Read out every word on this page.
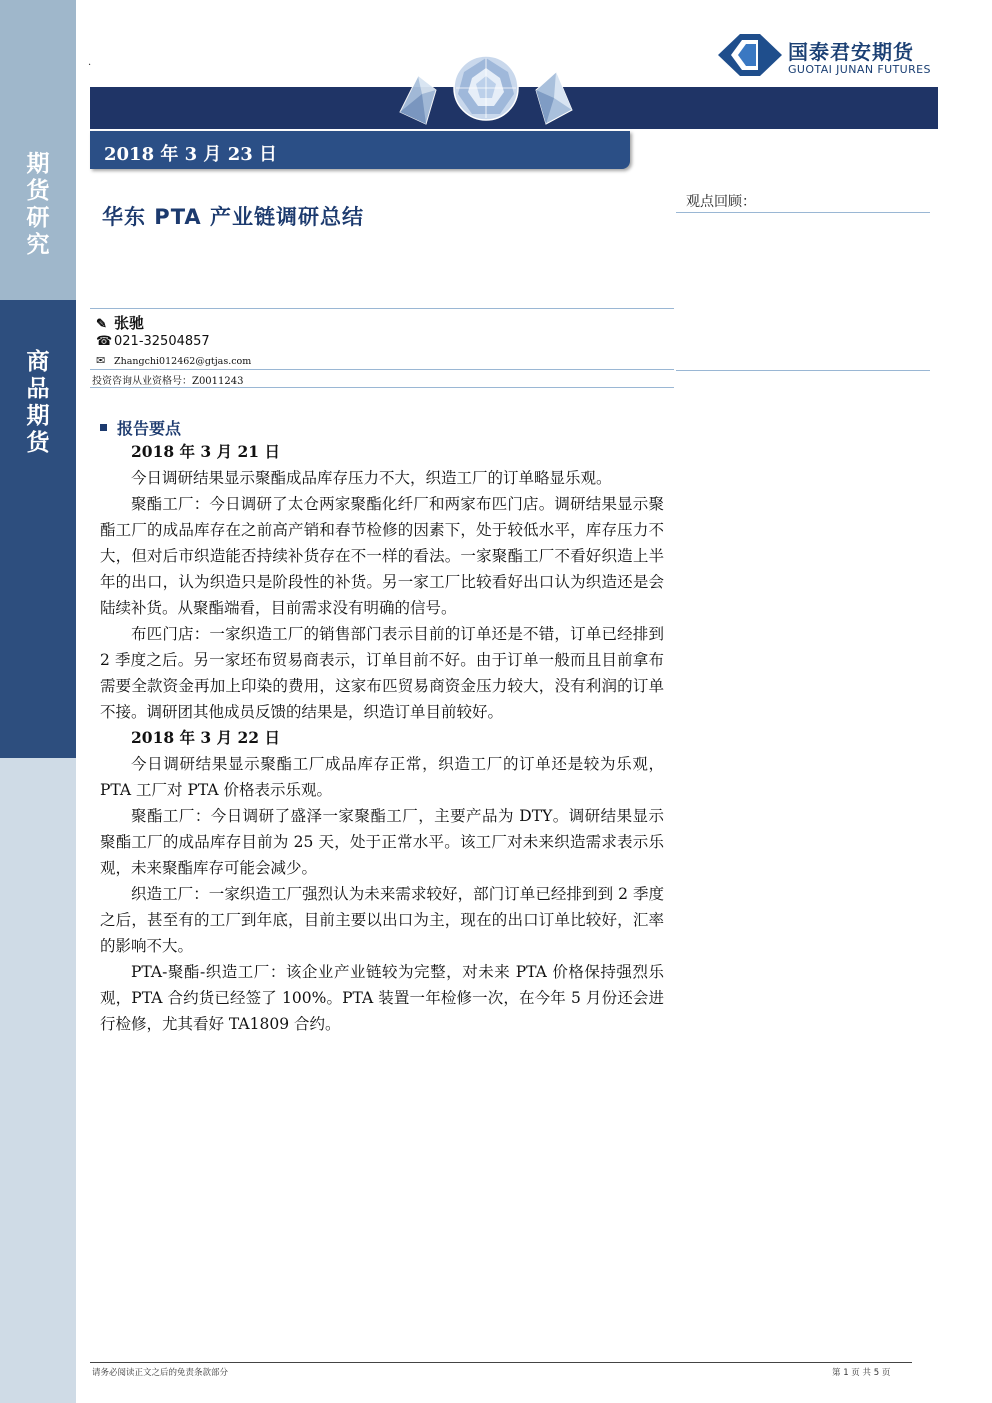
期
货
研
究
商
品
期
货
国泰君安期货
GUOTAI JUNAN FUTURES
·
2018 年 3 月 23 日
华东 PTA 产业链调研总结
观点回顾：
✎ 张驰
☎ 021-32504857
✉ Zhangchi012462@gtjas.com
投资咨询从业资格号：Z0011243
报告要点

2018 年 3 月 21 日

今日调研结果显示聚酯成品库存压力不大，织造工厂的订单略显乐观。

聚酯工厂：今日调研了太仓两家聚酯化纤厂和两家布匹门店。调研结果显示聚酯工厂的成品库存在之前高产销和春节检修的因素下，处于较低水平，库存压力不大，但对后市织造能否持续补货存在不一样的看法。一家聚酯工厂不看好织造上半年的出口，认为织造只是阶段性的补货。另一家工厂比较看好出口认为织造还是会陆续补货。从聚酯端看，目前需求没有明确的信号。

布匹门店：一家织造工厂的销售部门表示目前的订单还是不错，订单已经排到 2 季度之后。另一家坯布贸易商表示，订单目前不好。由于订单一般而且目前拿布需要全款资金再加上印染的费用，这家布匹贸易商资金压力较大，没有利润的订单不接。调研团其他成员反馈的结果是，织造订单目前较好。

2018 年 3 月 22 日

今日调研结果显示聚酯工厂成品库存正常，织造工厂的订单还是较为乐观，PTA 工厂对 PTA 价格表示乐观。

聚酯工厂：今日调研了盛泽一家聚酯工厂，主要产品为 DTY。调研结果显示聚酯工厂的成品库存目前为 25 天，处于正常水平。该工厂对未来织造需求表示乐观，未来聚酯库存可能会减少。

织造工厂：一家织造工厂强烈认为未来需求较好，部门订单已经排到到 2 季度之后，甚至有的工厂到年底，目前主要以出口为主，现在的出口订单比较好，汇率的影响不大。

PTA-聚酯-织造工厂：该企业产业链较为完整，对未来 PTA 价格保持强烈乐观，PTA 合约货已经签了 100%。PTA 装置一年检修一次，在今年 5 月份还会进行检修，尤其看好 TA1809 合约。

请务必阅读正文之后的免责条款部分	第 1 页 共 5 页
